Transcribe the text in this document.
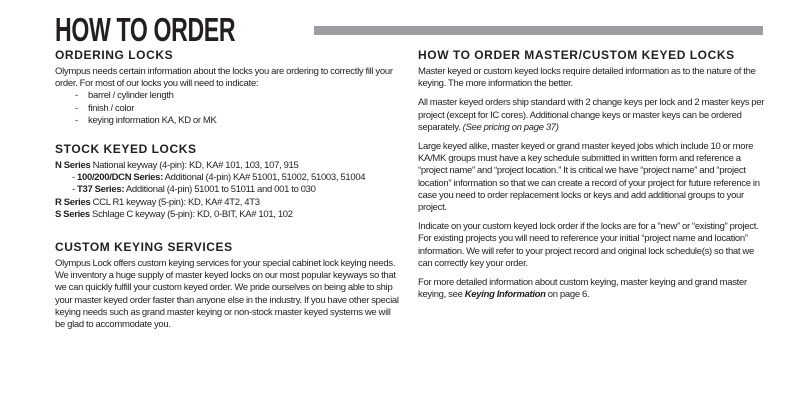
HOW TO ORDER
ORDERING LOCKS
Olympus needs certain information about the locks you are ordering to correctly fill your order. For most of our locks you will need to indicate:
-	barrel / cylinder length
-	finish / color
-	keying information KA, KD or MK
STOCK KEYED LOCKS
N Series National keyway (4-pin): KD, KA# 101, 103, 107, 915
- 100/200/DCN Series: Additional (4-pin) KA# 51001, 51002, 51003, 51004
- T37 Series: Additional (4-pin) 51001 to 51011 and 001 to 030
R Series CCL R1 keyway (5-pin): KD, KA# 4T2, 4T3
S Series Schlage C keyway (5-pin): KD, 0-BIT, KA# 101, 102
CUSTOM KEYING SERVICES
Olympus Lock offers custom keying services for your special cabinet lock keying needs. We inventory a huge supply of master keyed locks on our most popular keyways so that we can quickly fulfill your custom keyed order. We pride ourselves on being able to ship your master keyed order faster than anyone else in the industry. If you have other special keying needs such as grand master keying or non-stock master keyed systems we will be glad to accommodate you.
HOW TO ORDER MASTER/CUSTOM KEYED LOCKS
Master keyed or custom keyed locks require detailed information as to the nature of the keying. The more information the better.
All master keyed orders ship standard with 2 change keys per lock and 2 master keys per project (except for IC cores). Additional change keys or master keys can be ordered separately. (See pricing on page 37)
Large keyed alike, master keyed or grand master keyed jobs which include 10 or more KA/MK groups must have a key schedule submitted in written form and reference a “project name” and “project location.” It is critical we have “project name” and “project location” information so that we can create a record of your project for future reference in case you need to order replacement locks or keys and add additional groups to your project.
Indicate on your custom keyed lock order if the locks are for a “new” or “existing” project. For existing projects you will need to reference your initial “project name and location” information. We will refer to your project record and original lock schedule(s) so that we can correctly key your order.
For more detailed information about custom keying, master keying and grand master keying, see Keying Information on page 6.
